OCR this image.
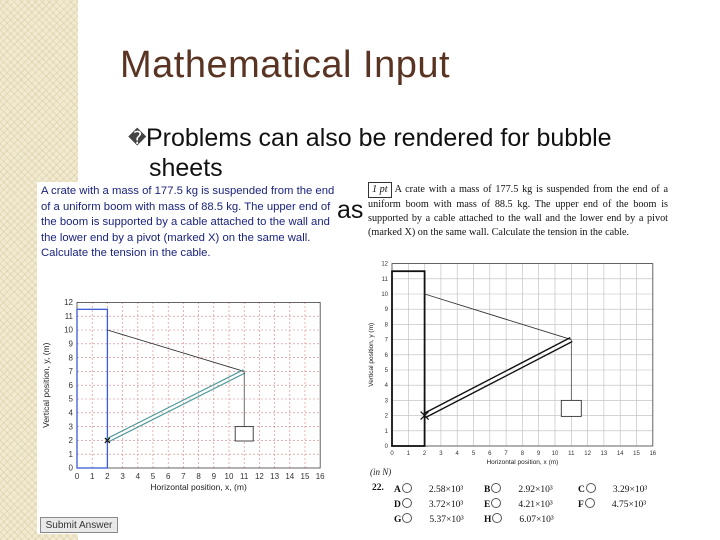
Mathematical Input
�Problems can also be rendered for bubble
sheets
as
A crate with a mass of 177.5 kg is suspended from the end of a uniform boom with mass of 88.5 kg. The upper end of the boom is supported by a cable attached to the wall and the lower end by a pivot (marked X) on the same wall. Calculate the tension in the cable.
0 1 2 3 4 5 6 7 8 9 10 11 12 13 14 15 16
0
1
2
3
4
5
6
7
8
9
10
11
12
Horizontal position, x, (m)
Vertical position, y, (m)
Submit Answer
1 pt A crate with a mass of 177.5 kg is suspended from the end of a uniform boom with mass of 88.5 kg. The upper end of the boom is supported by a cable attached to the wall and the lower end by a pivot (marked X) on the same wall. Calculate the tension in the cable.
0 1 2 3 4 5 6 7 8 9 10 11 12 13 14 15 16
0
1
2
3
4
5
6
7
8
9
10
11
12
Horizontal position, x (m)
Vertical position, y (m)
(in N)
22. A	2.58×10³ B	2.92×10³	C	3.29×10³
D	3.72×10³ E	4.21×10³	F	4.75×10³
G	5.37×10³ H	6.07×10³
